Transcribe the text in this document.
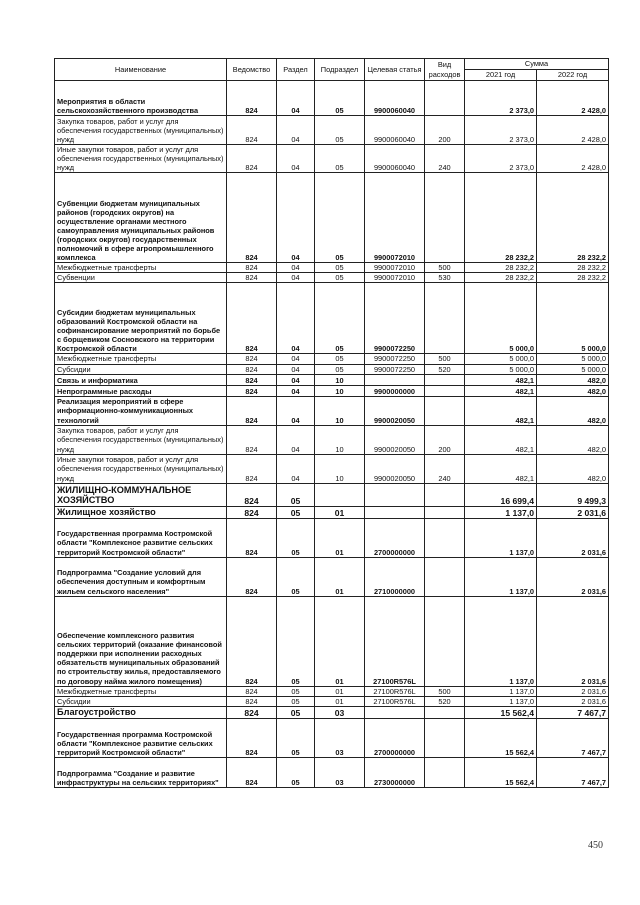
Наименование	Ведомство	Раздел	Подраздел	Целевая статья	Вид расходов	Сумма	
						2021 год	2022 год
Мероприятия в области сельскохозяйственного производства	824	04	05	9900060040		2 373,0	2 428,0
Закупка товаров, работ и услуг для обеспечения государственных (муниципальных) нужд	824	04	05	9900060040	200	2 373,0	2 428,0
Иные закупки товаров, работ и услуг для обеспечения государственных (муниципальных) нужд	824	04	05	9900060040	240	2 373,0	2 428,0
Субвенции бюджетам муниципальных районов (городских округов) на осуществление органами местного самоуправления муниципальных районов (городских округов) государственных полномочий в сфере агропромышленного комплекса	824	04	05	9900072010		28 232,2	28 232,2
Межбюджетные трансферты	824	04	05	9900072010	500	28 232,2	28 232,2
Субвенции	824	04	05	9900072010	530	28 232,2	28 232,2
Субсидии бюджетам муниципальных образований Костромской области на софинансирование мероприятий по борьбе с борщевиком Сосновского на территории Костромской области	824	04	05	9900072250		5 000,0	5 000,0
Межбюджетные трансферты	824	04	05	9900072250	500	5 000,0	5 000,0
Субсидии	824	04	05	9900072250	520	5 000,0	5 000,0
Связь и информатика	824	04	10			482,1	482,0
Непрограммные расходы	824	04	10	9900000000		482,1	482,0
Реализация мероприятий в сфере информационно-коммуникационных технологий	824	04	10	9900020050		482,1	482,0
Закупка товаров, работ и услуг для обеспечения государственных (муниципальных) нужд	824	04	10	9900020050	200	482,1	482,0
Иные закупки товаров, работ и услуг для обеспечения государственных (муниципальных) нужд	824	04	10	9900020050	240	482,1	482,0
ЖИЛИЩНО-КОММУНАЛЬНОЕ ХОЗЯЙСТВО	824	05				16 699,4	9 499,3
Жилищное хозяйство	824	05	01			1 137,0	2 031,6
Государственная программа Костромской области "Комплексное развитие сельских территорий Костромской области"	824	05	01	2700000000		1 137,0	2 031,6
Подпрограмма "Создание условий для обеспечения доступным и комфортным жильем сельского населения"	824	05	01	2710000000		1 137,0	2 031,6
Обеспечение комплексного развития сельских территорий (оказание финансовой поддержки при исполнении расходных обязательств муниципальных образований по строительству жилья, предоставляемого по договору найма жилого помещения)	824	05	01	27100R576L		1 137,0	2 031,6
Межбюджетные трансферты	824	05	01	27100R576L	500	1 137,0	2 031,6
Субсидии	824	05	01	27100R576L	520	1 137,0	2 031,6
Благоустройство	824	05	03			15 562,4	7 467,7
Государственная программа Костромской области "Комплексное развитие сельских территорий Костромской области"	824	05	03	2700000000		15 562,4	7 467,7
Подпрограмма "Создание и развитие инфраструктуры на сельских территориях"	824	05	03	2730000000		15 562,4	7 467,7
450
